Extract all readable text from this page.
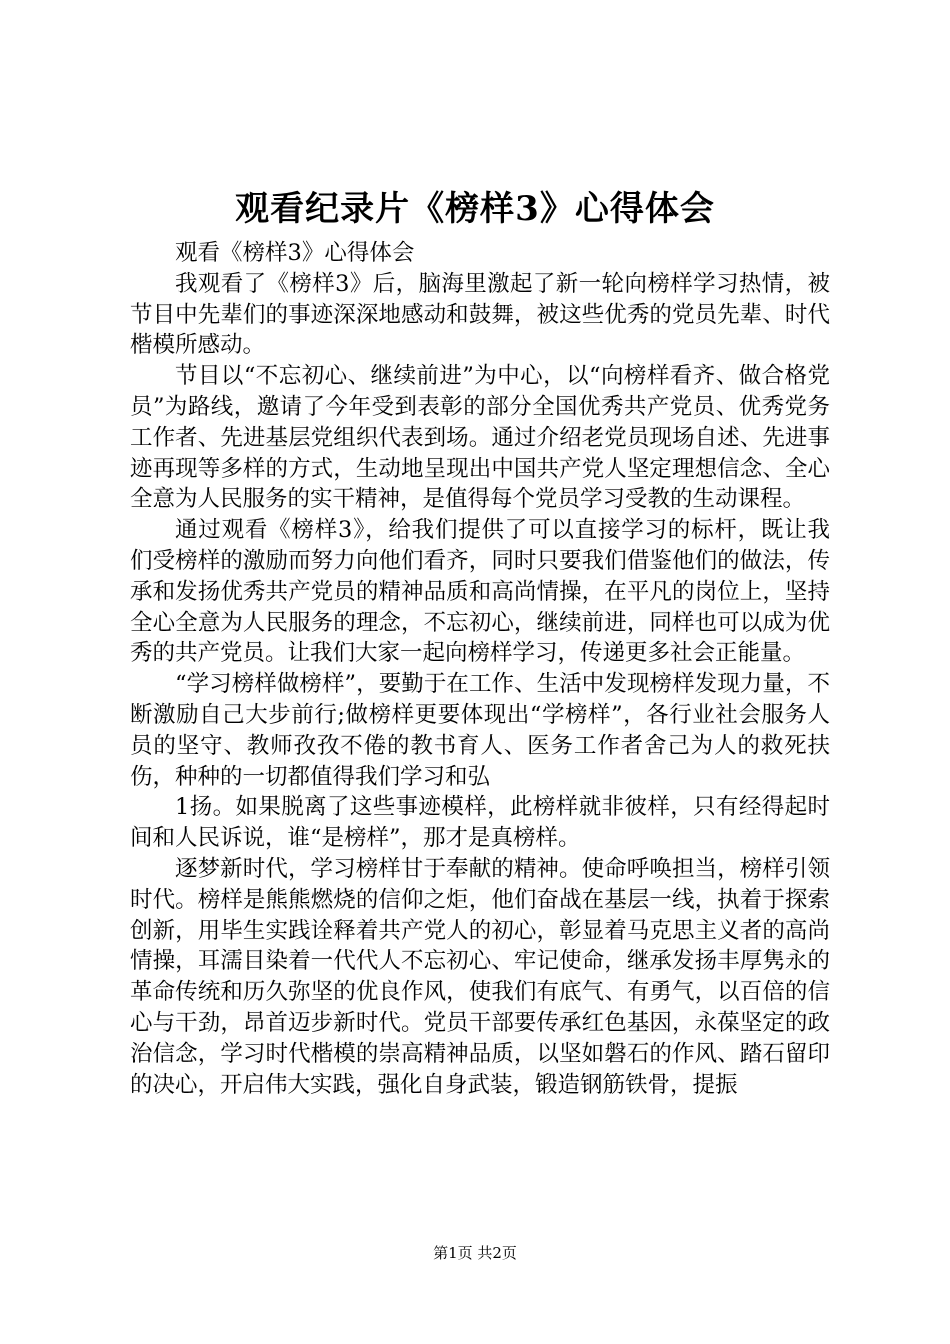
观看纪录片《榜样3》心得体会

观看《榜样3》心得体会

我观看了《榜样3》后，脑海里激起了新一轮向榜样学习热情，被节目中先辈们的事迹深深地感动和鼓舞，被这些优秀的党员先辈、时代楷模所感动。

节目以“不忘初心、继续前进”为中心，以“向榜样看齐、做合格党员”为路线，邀请了今年受到表彰的部分全国优秀共产党员、优秀党务工作者、先进基层党组织代表到场。通过介绍老党员现场自述、先进事迹再现等多样的方式，生动地呈现出中国共产党人坚定理想信念、全心全意为人民服务的实干精神，是值得每个党员学习受教的生动课程。

通过观看《榜样3》，给我们提供了可以直接学习的标杆，既让我们受榜样的激励而努力向他们看齐，同时只要我们借鉴他们的做法，传承和发扬优秀共产党员的精神品质和高尚情操，在平凡的岗位上，坚持全心全意为人民服务的理念，不忘初心，继续前进，同样也可以成为优秀的共产党员。让我们大家一起向榜样学习，传递更多社会正能量。

“学习榜样做榜样”，要勤于在工作、生活中发现榜样发现力量，不断激励自己大步前行;做榜样更要体现出“学榜样”，各行业社会服务人员的坚守、教师孜孜不倦的教书育人、医务工作者舍己为人的救死扶伤，种种的一切都值得我们学习和弘

1扬。如果脱离了这些事迹模样，此榜样就非彼样，只有经得起时间和人民诉说，谁“是榜样”，那才是真榜样。

逐梦新时代，学习榜样甘于奉献的精神。使命呼唤担当，榜样引领时代。榜样是熊熊燃烧的信仰之炬，他们奋战在基层一线，执着于探索创新，用毕生实践诠释着共产党人的初心，彰显着马克思主义者的高尚情操，耳濡目染着一代代人不忘初心、牢记使命，继承发扬丰厚隽永的革命传统和历久弥坚的优良作风，使我们有底气、有勇气，以百倍的信心与干劲，昂首迈步新时代。党员干部要传承红色基因，永葆坚定的政治信念，学习时代楷模的崇高精神品质，以坚如磐石的作风、踏石留印的决心，开启伟大实践，强化自身武装，锻造钢筋铁骨，提振

第1页 共2页
